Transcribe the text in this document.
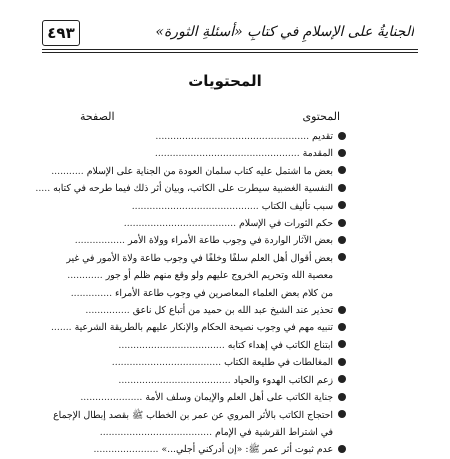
٤٩٣	الجنايةُ على الإسلامِ في كتابِ «أسئلةِ الثورة»
المحتويات
المحتوى
الصفحة
تقديم ....................................................
المقدمة .................................................
بعض ما اشتمل عليه كتاب سلمان العودة من الجناية على الإسلام ...........
النفسية الغضبية سيطرت على الكاتب، وبيان أثر ذلك فيما طرحه في كتابه .....
سبب تأليف الكتاب ...........................................
حكم الثورات في الإسلام ......................................
بعض الآثار الواردة في وجوب طاعة الأمراء وولاة الأمر .................
بعض أقوال أهل العلم سلفًا وخلفًا في وجوب طاعة ولاة الأمور في غير
معصية الله وتحريم الخروج عليهم ولو وقع منهم ظلم أو جور ............
من كلام بعض العلماء المعاصرين في وجوب طاعة الأمراء ..............
تحذير عند الشيخ عبد الله بن حميد من أتباع كل ناعق ...............
تنبيه مهم في وجوب نصيحة الحكام والإنكار عليهم بالطريقة الشرعية .......
ابتناع الكاتب في إهداء كتابه ....................................
المغالطات في طليعة الكتاب .....................................
زعم الكاتب الهدوء والحياد ......................................
جناية الكاتب على أهل العلم والإيمان وسلف الأمة .....................
احتجاج الكاتب بالأثر المروي عن عمر بن الخطاب ﷺ بقصد إبطال الإجماع
في اشتراط القرشية في الإمام ......................................
عدم ثبوت أثر عمر ﷺ: «إن أدركني أجلي...» ......................
